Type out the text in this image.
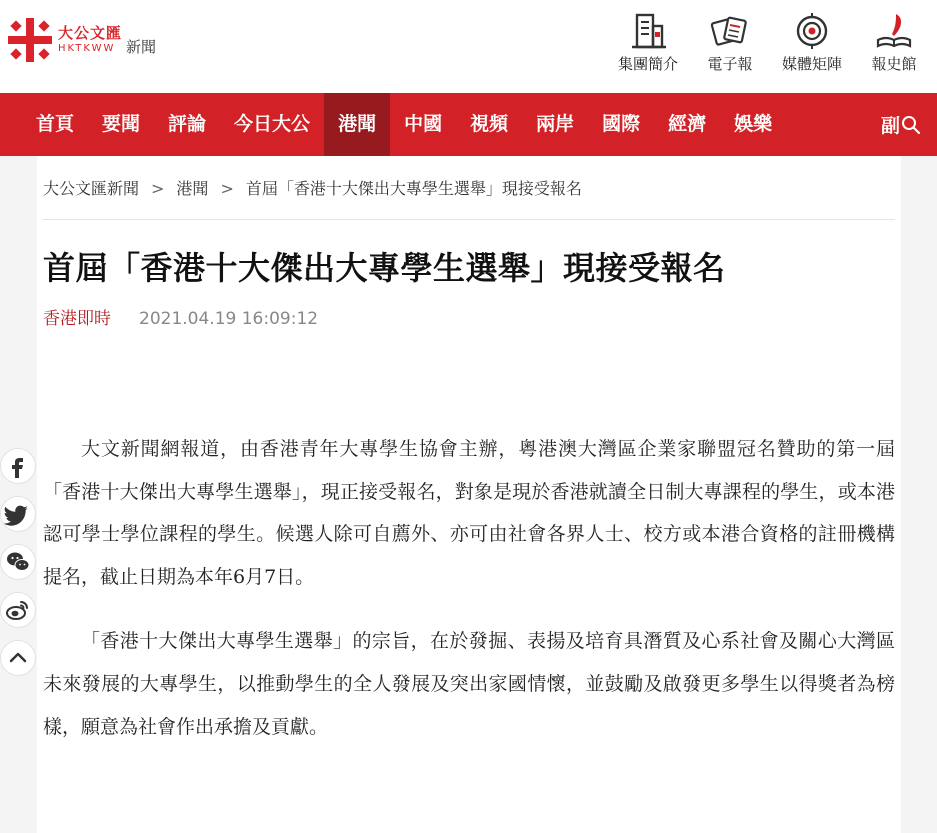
大公文匯
HKTKWW 新聞
集團簡介	電子報	媒體矩陣	報史館
首頁	要聞	評論	今日大公	港聞	中國	視頻	兩岸	國際	經濟	娛樂	副
大公文匯新聞 > 港聞 > 首屆「香港十大傑出大專學生選舉」現接受報名
首屆「香港十大傑出大專學生選舉」現接受報名
香港即時 2021.04.19 16:09:12

大文新聞網報道，由香港青年大專學生協會主辦，粵港澳大灣區企業家聯盟冠名贊助的第一屆「香港十大傑出大專學生選舉」，現正接受報名，對象是現於香港就讀全日制大專課程的學生，或本港認可學士學位課程的學生。候選人除可自薦外、亦可由社會各界人士、校方或本港合資格的註冊機構提名，截止日期為本年6月7日。

「香港十大傑出大專學生選舉」的宗旨，在於發掘、表揚及培育具潛質及心系社會及關心大灣區未來發展的大專學生，以推動學生的全人發展及突出家國情懷，並鼓勵及啟發更多學生以得獎者為榜樣，願意為社會作出承擔及貢獻。
